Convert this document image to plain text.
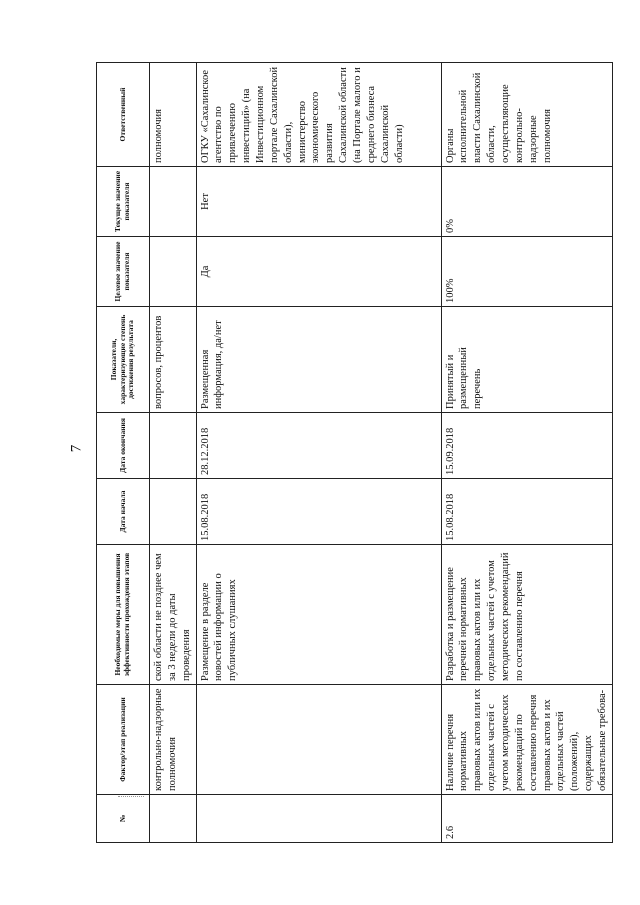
7
№	Фактор/этап реализации	Необходимые меры для повышения эффективности прохождения этапов	Дата начала	Дата окончания	Показатели, характеризующие степень достижения результата	Целевое значение показателя	Текущее значение показателя	Ответственный
	контрольно-надзорные полномочия	ской области не позднее чем за 3 недели до даты проведения			вопросов, процентов			полномочия
		Размещение в разделе новостей информации о публичных слушаниях	15.08.2018	28.12.2018	Размещенная информация, да/нет	Да	Нет	ОГКУ «Сахалинское агентство по привлечению инвестиций» (на Инвестиционном портале Сахалинской области), министерство экономического развития Сахалинской области (на Портале малого и среднего бизнеса Сахалинской области)
2.6	Наличие перечня нормативных правовых актов или их отдельных частей с учетом методических рекомендаций по составлению перечня правовых актов и их отдельных частей (положений), содержащих обязательные требова-	Разработка и размещение перечней нормативных правовых актов или их отдельных частей с учетом методических рекомендаций по составлению перечня	15.08.2018	15.09.2018	Принятый и размещенный перечень	100%	0%	Органы исполнительной власти Сахалинской области, осуществляющие контрольно-надзорные полномочия
